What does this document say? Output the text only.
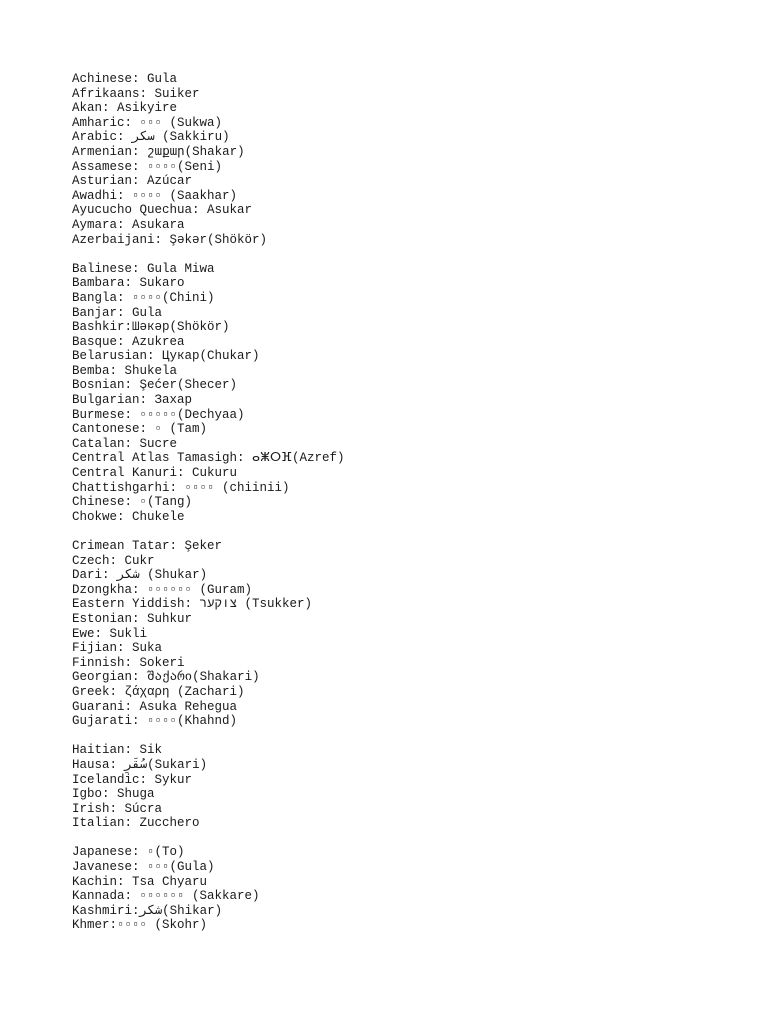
Achinese: Gula
Afrikaans: Suiker
Akan: Asikyire
Amharic: ▫▫▫ (Sukwa)
Arabic: سكر (Sakkiru)
Armenian: շաքար(Shakar)
Assamese: ▫▫▫▫(Seni)
Asturian: Azúcar
Awadhi: ▫▫▫▫ (Saakhar)
Ayucucho Quechua: Asukar
Aymara: Asukara
Azerbaijani: Şəkər(Shökör)
Balinese: Gula Miwa
Bambara: Sukaro
Bangla: ▫▫▫▫(Chini)
Banjar: Gula
Bashkir:Шәкәр(Shökör)
Basque: Azukrea
Belarusian: Цукар(Chukar)
Bemba: Shukela
Bosnian: Şećer(Shecer)
Bulgarian: Захар
Burmese: ▫▫▫▫▫(Dechyaa)
Cantonese: ▫ (Tam)
Catalan: Sucre
Central Atlas Tamasigh: ⴰⵥⵔⴼ(Azref)
Central Kanuri: Cukuru
Chattishgarhi: ▫▫▫▫ (chiinii)
Chinese: ▫(Tang)
Chokwe: Chukele
Crimean Tatar: Şeker
Czech: Cukr
Dari: شکر (Shukar)
Dzongkha: ▫▫▫▫▫▫ (Guram)
Eastern Yiddish: צוקער (Tsukker)
Estonian: Suhkur
Ewe: Sukli
Fijian: Suka
Finnish: Sokeri
Georgian: შაქარი(Shakari)
Greek: ζάχαρη (Zachari)
Guarani: Asuka Rehegua
Gujarati: ▫▫▫▫(Khahnd)
Haitian: Sik
Hausa: سُقَرِ(Sukari)
Icelandic: Sykur
Igbo: Shuga
Irish: Súcra
Italian: Zucchero
Japanese: ▫(To)
Javanese: ▫▫▫(Gula)
Kachin: Tsa Chyaru
Kannada: ▫▫▫▫▫▫ (Sakkare)
Kashmiri:شکر(Shikar)
Khmer:▫▫▫▫ (Skohr)
